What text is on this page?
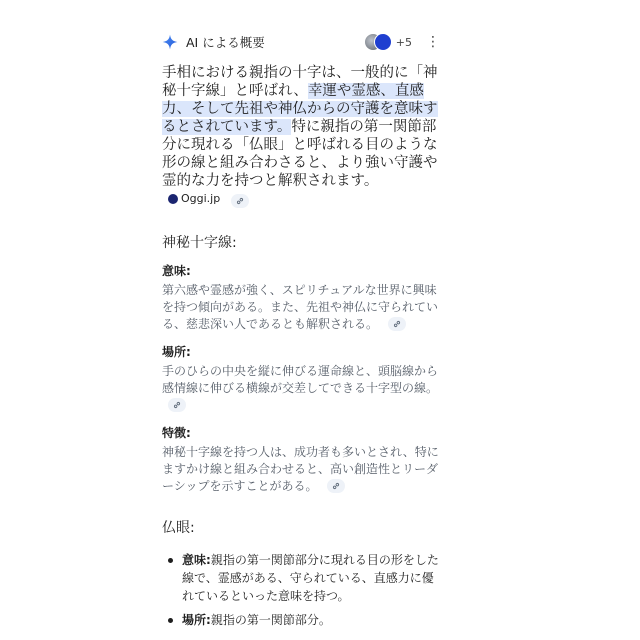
AI による概要	+5 ⋮
手相における親指の十字は、一般的に「神秘十字線」と呼ばれ、幸運や霊感、直感力、そして先祖や神仏からの守護を意味するとされています。特に親指の第一関節部分に現れる「仏眼」と呼ばれる目のような形の線と組み合わさると、より強い守護や霊的な力を持つと解釈されます。
Oggi.jp

神秘十字線:
意味:
第六感や霊感が強く、スピリチュアルな世界に興味を持つ傾向がある。また、先祖や神仏に守られている、慈悲深い人であるとも解釈される。
場所:
手のひらの中央を縦に伸びる運命線と、頭脳線から感情線に伸びる横線が交差してできる十字型の線。
特徴:
神秘十字線を持つ人は、成功者も多いとされ、特にますかけ線と組み合わせると、高い創造性とリーダーシップを示すことがある。
仏眼:
意味:親指の第一関節部分に現れる目の形をした線で、霊感がある、守られている、直感力に優れているといった意味を持つ。
場所:親指の第一関節部分。
